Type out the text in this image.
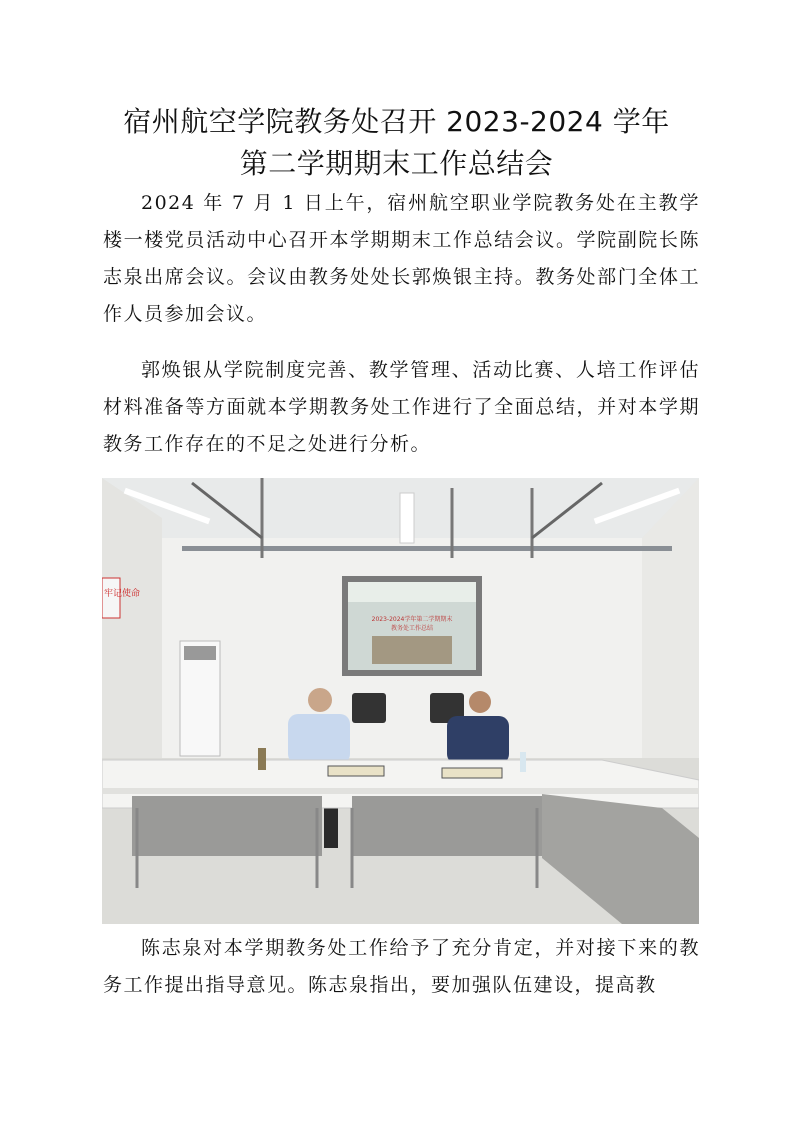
宿州航空学院教务处召开 2023-2024 学年
第二学期期末工作总结会
2024 年 7 月 1 日上午，宿州航空职业学院教务处在主教学楼一楼党员活动中心召开本学期期末工作总结会议。学院副院长陈志泉出席会议。会议由教务处处长郭焕银主持。教务处部门全体工作人员参加会议。
郭焕银从学院制度完善、教学管理、活动比赛、人培工作评估材料准备等方面就本学期教务处工作进行了全面总结，并对本学期教务工作存在的不足之处进行分析。
牢记使命
2023-2024学年第二学期期末
教务处工作总结
陈志泉对本学期教务处工作给予了充分肯定，并对接下来的教务工作提出指导意见。陈志泉指出，要加强队伍建设，提高教
